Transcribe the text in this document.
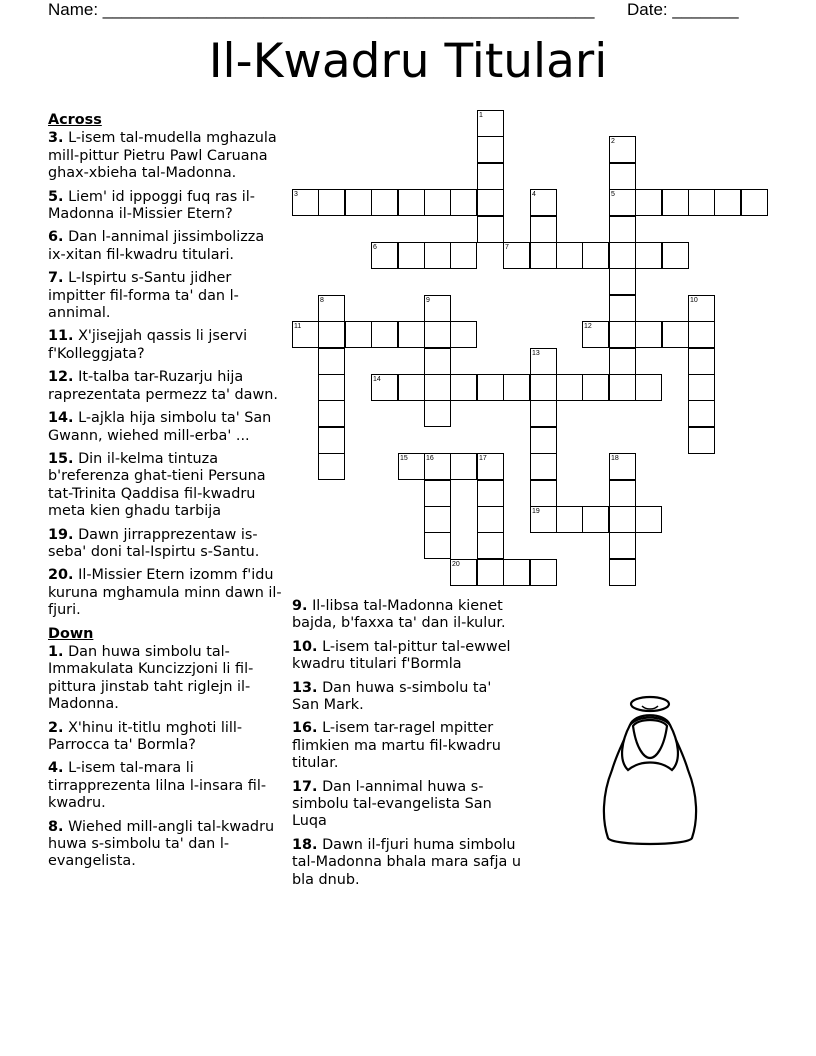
Name: ____________________________________________________ Date: _______
Il-Kwadru Titulari
Across
3. L-isem tal-mudella mghazula mill-pittur Pietru Pawl Caruana ghax-xbieha tal-Madonna.
5. Liem' id ippoggi fuq ras il-Madonna il-Missier Etern?
6. Dan l-annimal jissimbolizza ix-xitan fil-kwadru titulari.
7. L-Ispirtu s-Santu jidher impitter fil-forma ta' dan l-annimal.
11. X'jisejjah qassis li jservi f'Kolleggjata?
12. It-talba tar-Ruzarju hija raprezentata permezz ta' dawn.
14. L-ajkla hija simbolu ta' San Gwann, wiehed mill-erba' ...
15. Din il-kelma tintuza b'referenza ghat-tieni Persuna tat-Trinita Qaddisa fil-kwadru meta kien ghadu tarbija
19. Dawn jirrapprezentaw is-seba' doni tal-Ispirtu s-Santu.
20. Il-Missier Etern izomm f'idu kuruna mghamula minn dawn il-fjuri.
Down
1. Dan huwa simbolu tal-Immakulata Kuncizzjoni li fil-pittura jinstab taht riglejn il-Madonna.
2. X'hinu it-titlu mghoti lill-Parrocca ta' Bormla?
4. L-isem tal-mara li tirrapprezenta lilna l-insara fil-kwadru.
8. Wiehed mill-angli tal-kwadru huwa s-simbolu ta' dan l-evangelista.
9. Il-libsa tal-Madonna kienet bajda, b'faxxa ta' dan il-kulur.
10. L-isem tal-pittur tal-ewwel kwadru titulari f'Bormla
13. Dan huwa s-simbolu ta' San Mark.
16. L-isem tar-ragel mpitter flimkien ma martu fil-kwadru titular.
17. Dan l-annimal huwa s-simbolu tal-evangelista San Luqa
18. Dawn il-fjuri huma simbolu tal-Madonna bhala mara safja u bla dnub.
3	5
6	7
11	12
14
15	16	17
19
20
1
2
4
8	9	10
13
18
